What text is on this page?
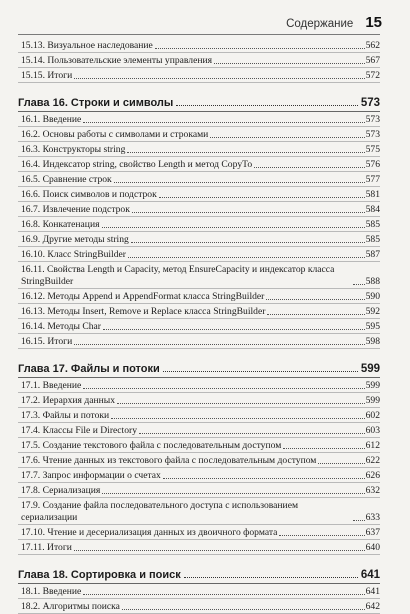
Содержание 15
15.13. Визуальное наследование	562
15.14. Пользовательские элементы управления	567
15.15. Итоги	572
Глава 16. Строки и символы	573
16.1. Введение	573
16.2. Основы работы с символами и строками	573
16.3. Конструкторы string	575
16.4. Индексатор string, свойство Length и метод CopyTo	576
16.5. Сравнение строк	577
16.6. Поиск символов и подстрок	581
16.7. Извлечение подстрок	584
16.8. Конкатенация	585
16.9. Другие методы string	585
16.10. Класс StringBuilder	587
16.11. Свойства Length и Capacity, метод EnsureCapacity и индексатор класса StringBuilder	588
16.12. Методы Append и AppendFormat класса StringBuilder	590
16.13. Методы Insert, Remove и Replace класса StringBuilder	592
16.14. Методы Char	595
16.15. Итоги	598
Глава 17. Файлы и потоки	599
17.1. Введение	599
17.2. Иерархия данных	599
17.3. Файлы и потоки	602
17.4. Классы File и Directory	603
17.5. Создание текстового файла с последовательным доступом	612
17.6. Чтение данных из текстового файла с последовательным доступом	622
17.7. Запрос информации о счетах	626
17.8. Сериализация	632
17.9. Создание файла последовательного доступа с использованием сериализации	633
17.10. Чтение и десериализация данных из двоичного формата	637
17.11. Итоги	640
Глава 18. Сортировка и поиск	641
18.1. Введение	641
18.2. Алгоритмы поиска	642
